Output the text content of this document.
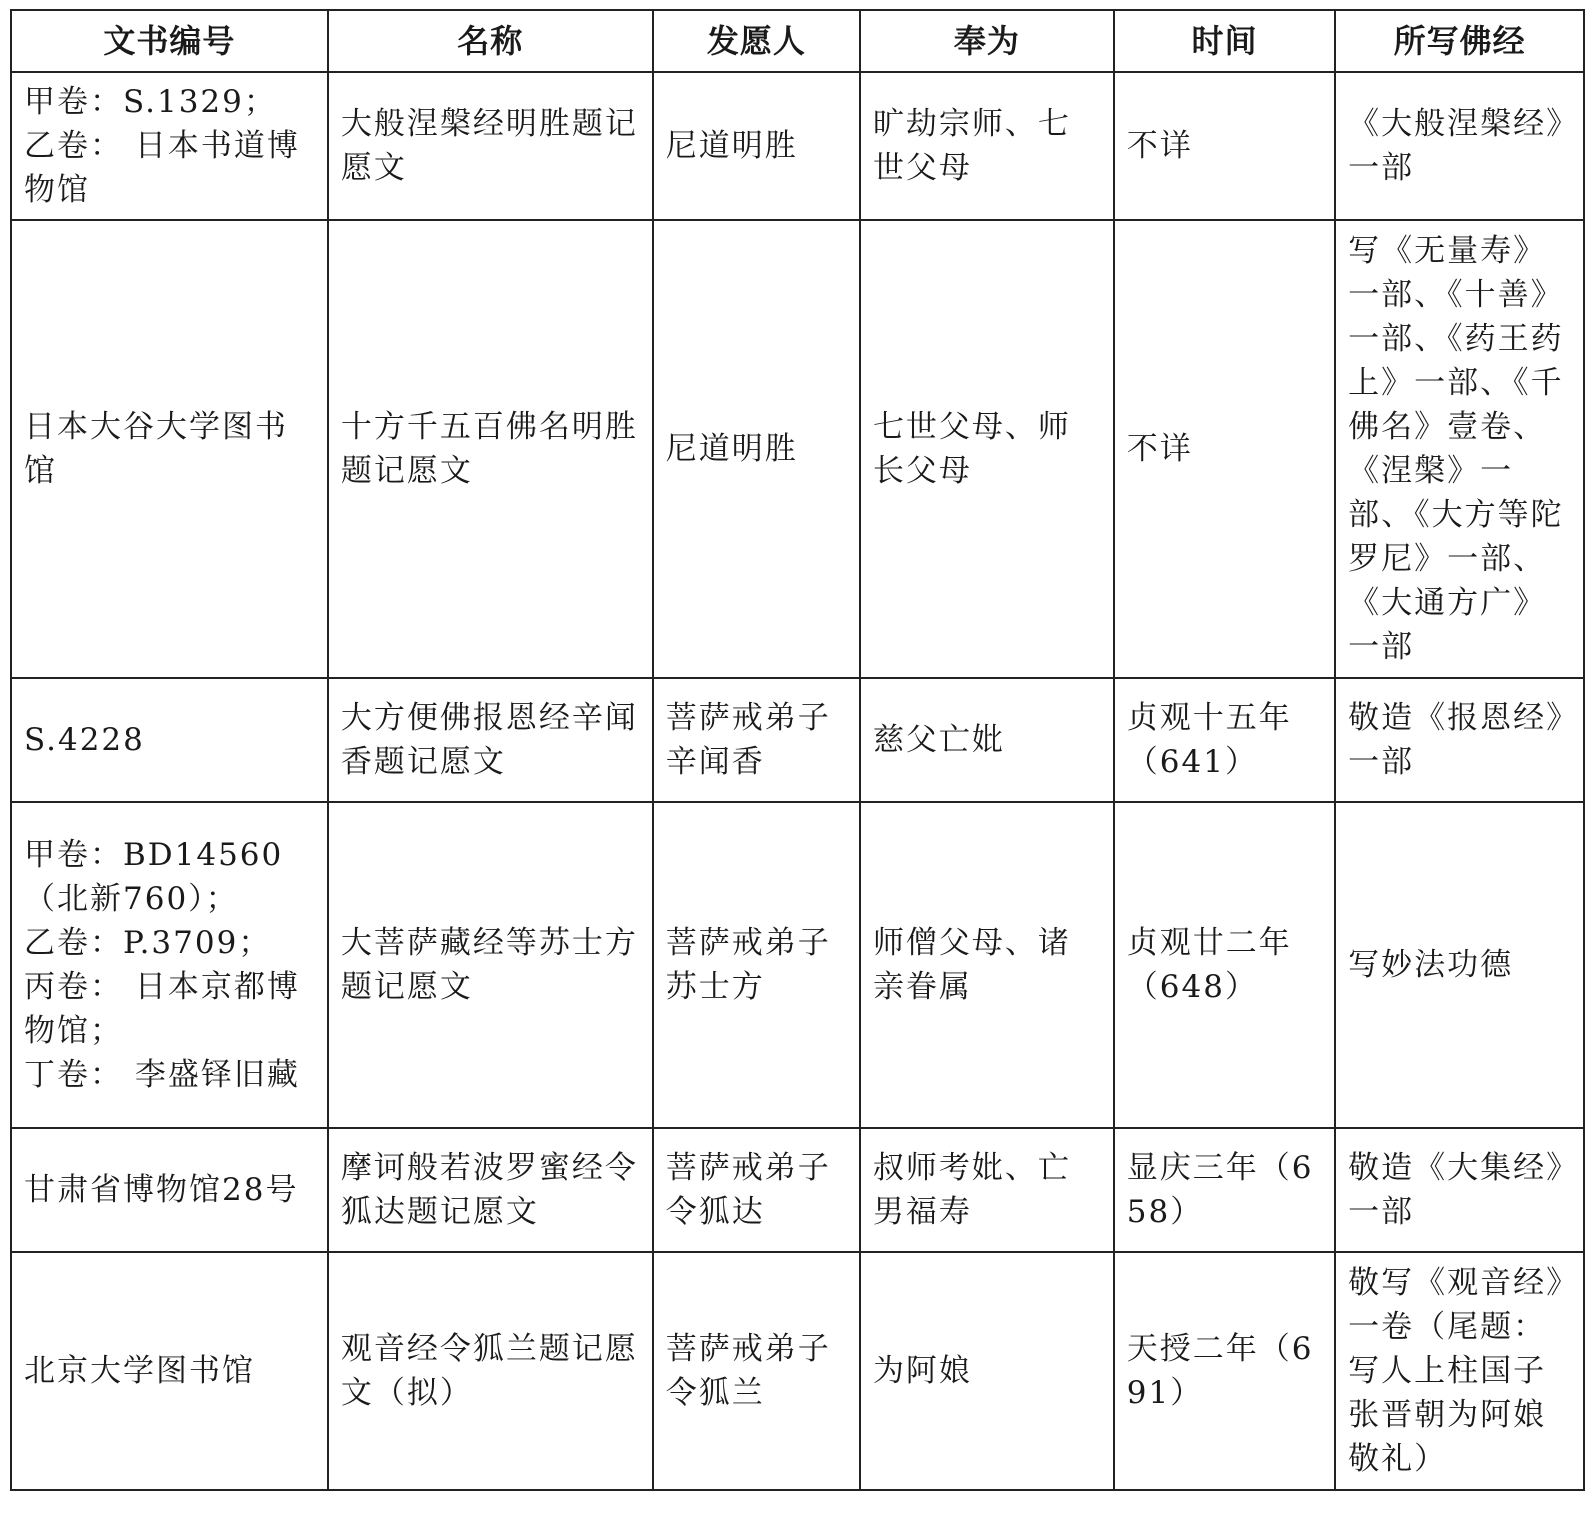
文书编号	名称	发愿人	奉为	时间	所写佛经

甲卷：S.1329；
乙卷： 日本书道博物馆	大般涅槃经明胜题记愿文	尼道明胜	旷劫宗师、七世父母	不详	《大般涅槃经》一部

日本大谷大学图书馆	十方千五百佛名明胜题记愿文	尼道明胜	七世父母、师长父母	不详	写《无量寿》一部、《十善》一部、《药王药上》一部、《千佛名》壹卷、《涅槃》一部、《大方等陀罗尼》一部、《大通方广》一部

S.4228	大方便佛报恩经辛闻香题记愿文	菩萨戒弟子辛闻香	慈父亡妣	贞观十五年（641）	敬造《报恩经》一部

甲卷：BD14560（北新760）；
乙卷：P.3709；
丙卷： 日本京都博物馆；
丁卷： 李盛铎旧藏	大菩萨藏经等苏士方题记愿文	菩萨戒弟子苏士方	师僧父母、诸亲眷属	贞观廿二年（648）	写妙法功德

甘肃省博物馆28号	摩诃般若波罗蜜经令狐达题记愿文	菩萨戒弟子令狐达	叔师考妣、亡男福寿	显庆三年（658）	敬造《大集经》一部

北京大学图书馆	观音经令狐兰题记愿文（拟）	菩萨戒弟子令狐兰	为阿娘	天授二年（691）	敬写《观音经》一卷（尾题：写人上柱国子张晋朝为阿娘敬礼）
